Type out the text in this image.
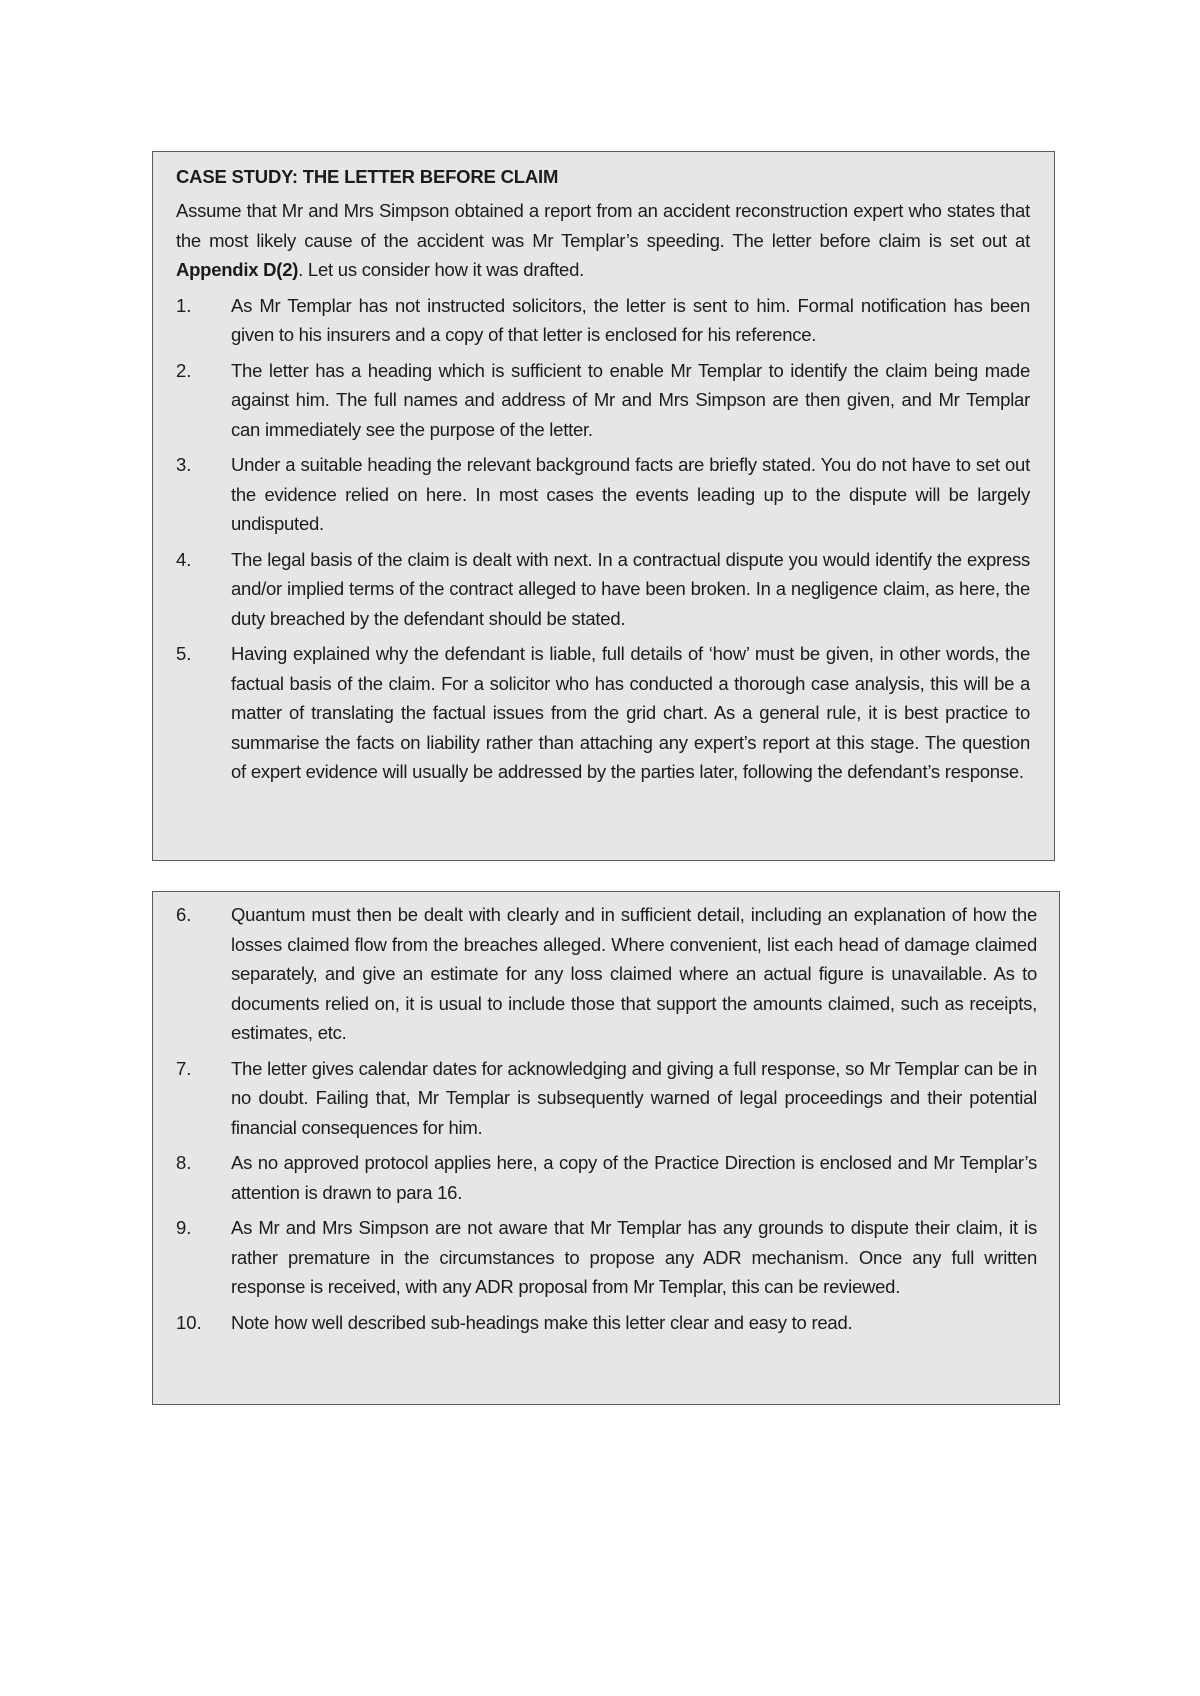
CASE STUDY: THE LETTER BEFORE CLAIM
Assume that Mr and Mrs Simpson obtained a report from an accident reconstruction expert who states that the most likely cause of the accident was Mr Templar’s speeding. The letter before claim is set out at Appendix D(2). Let us consider how it was drafted.
1.	As Mr Templar has not instructed solicitors, the letter is sent to him. Formal notification has been given to his insurers and a copy of that letter is enclosed for his reference.
2.	The letter has a heading which is sufficient to enable Mr Templar to identify the claim being made against him. The full names and address of Mr and Mrs Simpson are then given, and Mr Templar can immediately see the purpose of the letter.
3.	Under a suitable heading the relevant background facts are briefly stated. You do not have to set out the evidence relied on here. In most cases the events leading up to the dispute will be largely undisputed.
4.	The legal basis of the claim is dealt with next. In a contractual dispute you would identify the express and/or implied terms of the contract alleged to have been broken. In a negligence claim, as here, the duty breached by the defendant should be stated.
5.	Having explained why the defendant is liable, full details of ‘how’ must be given, in other words, the factual basis of the claim. For a solicitor who has conducted a thorough case analysis, this will be a matter of translating the factual issues from the grid chart. As a general rule, it is best practice to summarise the facts on liability rather than attaching any expert’s report at this stage. The question of expert evidence will usually be addressed by the parties later, following the defendant’s response.
6.	Quantum must then be dealt with clearly and in sufficient detail, including an explanation of how the losses claimed flow from the breaches alleged. Where convenient, list each head of damage claimed separately, and give an estimate for any loss claimed where an actual figure is unavailable. As to documents relied on, it is usual to include those that support the amounts claimed, such as receipts, estimates, etc.
7.	The letter gives calendar dates for acknowledging and giving a full response, so Mr Templar can be in no doubt. Failing that, Mr Templar is subsequently warned of legal proceedings and their potential financial consequences for him.
8.	As no approved protocol applies here, a copy of the Practice Direction is enclosed and Mr Templar’s attention is drawn to para 16.
9.	As Mr and Mrs Simpson are not aware that Mr Templar has any grounds to dispute their claim, it is rather premature in the circumstances to propose any ADR mechanism. Once any full written response is received, with any ADR proposal from Mr Templar, this can be reviewed.
10.	Note how well described sub-headings make this letter clear and easy to read.
